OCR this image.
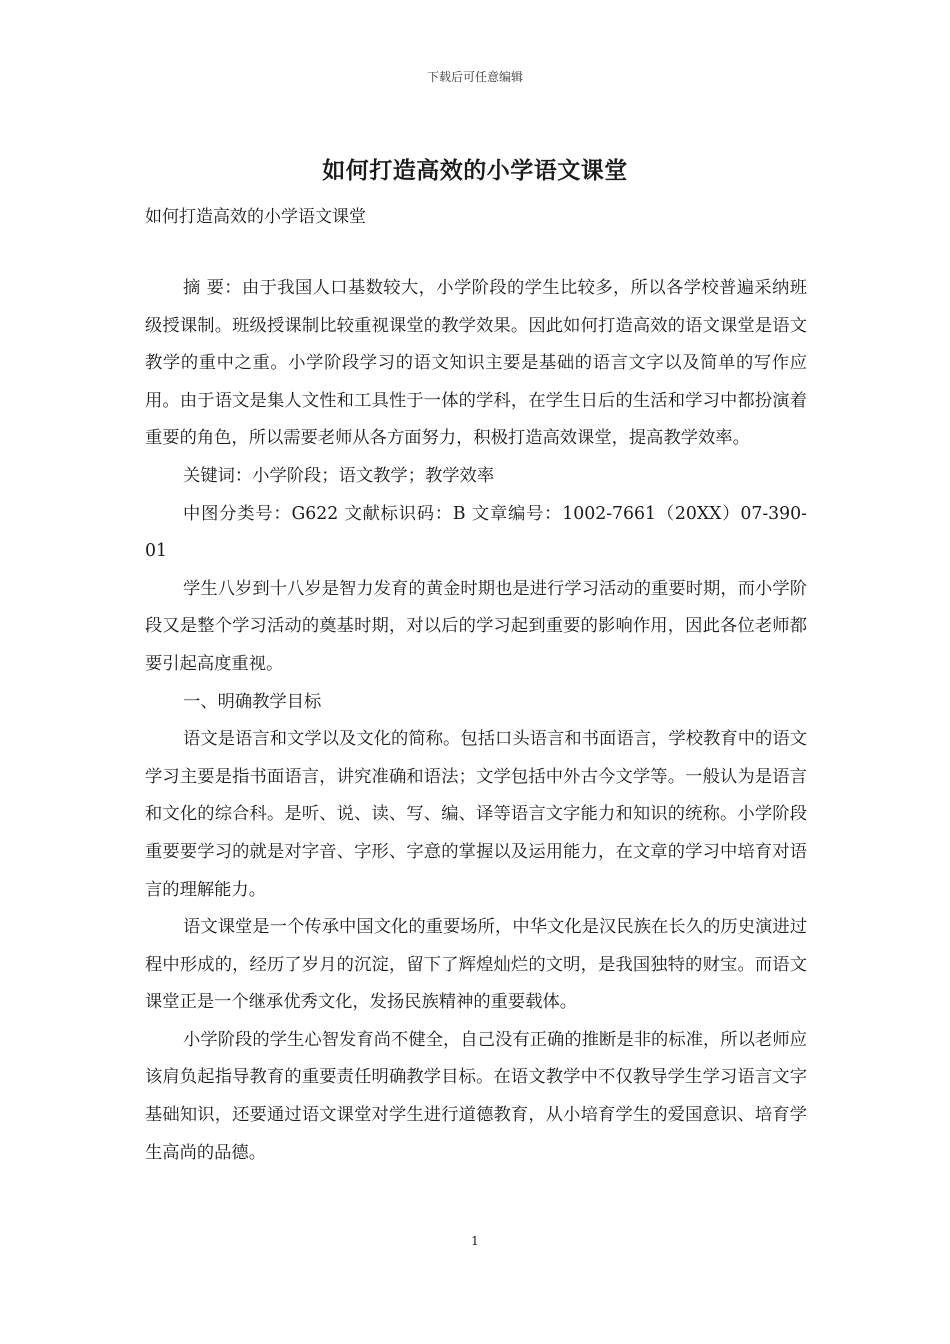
下载后可任意编辑
如何打造高效的小学语文课堂
如何打造高效的小学语文课堂

摘 要：由于我国人口基数较大，小学阶段的学生比较多，所以各学校普遍采纳班级授课制。班级授课制比较重视课堂的教学效果。因此如何打造高效的语文课堂是语文教学的重中之重。小学阶段学习的语文知识主要是基础的语言文字以及简单的写作应用。由于语文是集人文性和工具性于一体的学科，在学生日后的生活和学习中都扮演着重要的角色，所以需要老师从各方面努力，积极打造高效课堂，提高教学效率。

关键词：小学阶段；语文教学；教学效率

中图分类号：G622 文献标识码：B 文章编号：1002-7661（20XX）07-390-01

学生八岁到十八岁是智力发育的黄金时期也是进行学习活动的重要时期，而小学阶段又是整个学习活动的奠基时期，对以后的学习起到重要的影响作用，因此各位老师都要引起高度重视。

一、明确教学目标

语文是语言和文学以及文化的简称。包括口头语言和书面语言，学校教育中的语文学习主要是指书面语言，讲究准确和语法；文学包括中外古今文学等。一般认为是语言和文化的综合科。是听、说、读、写、编、译等语言文字能力和知识的统称。小学阶段重要要学习的就是对字音、字形、字意的掌握以及运用能力，在文章的学习中培育对语言的理解能力。

语文课堂是一个传承中国文化的重要场所，中华文化是汉民族在长久的历史演进过程中形成的，经历了岁月的沉淀，留下了辉煌灿烂的文明，是我国独特的财宝。而语文课堂正是一个继承优秀文化，发扬民族精神的重要载体。

小学阶段的学生心智发育尚不健全，自己没有正确的推断是非的标准，所以老师应该肩负起指导教育的重要责任明确教学目标。在语文教学中不仅教导学生学习语言文字基础知识，还要通过语文课堂对学生进行道德教育，从小培育学生的爱国意识、培育学生高尚的品德。

1
